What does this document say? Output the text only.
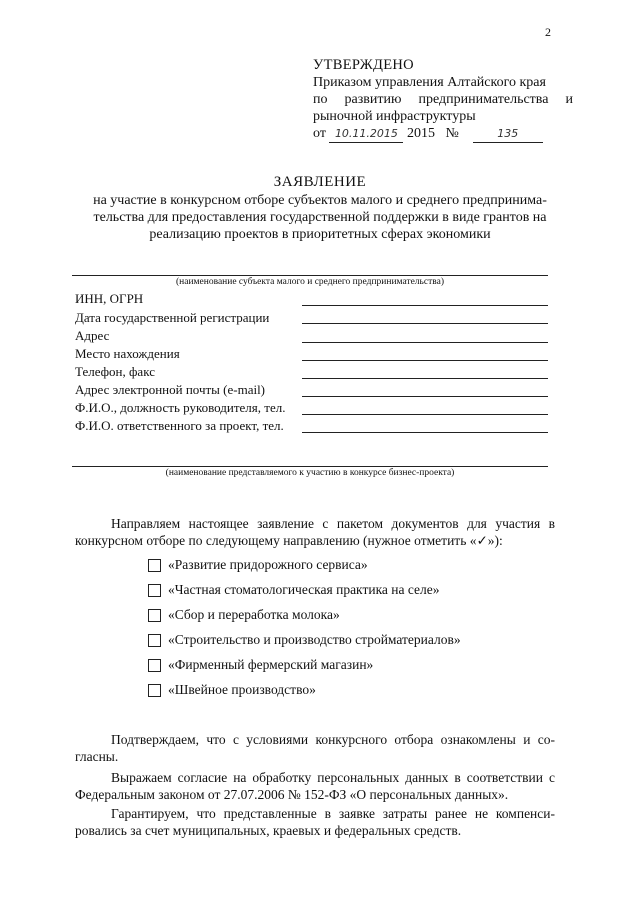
2
УТВЕРЖДЕНО
Приказом управления Алтайского края
по развитию предпринимательства и
рыночной инфраструктуры
от 10.11.2015 2015 №	135
ЗАЯВЛЕНИЕ
на участие в конкурсном отборе субъектов малого и среднего предпринима-
тельства для предоставления государственной поддержки в виде грантов на
реализацию проектов в приоритетных сферах экономики
(наименование субъекта малого и среднего предпринимательства)
ИНН, ОГРН
Дата государственной регистрации
Адрес
Место нахождения
Телефон, факс
Адрес электронной почты (e-mail)
Ф.И.О., должность руководителя, тел.
Ф.И.О. ответственного за проект, тел.
(наименование представляемого к участию в конкурсе бизнес-проекта)
Направляем настоящее заявление с пакетом документов для участия в конкурсном отборе по следующему направлению (нужное отметить «✓»):
«Развитие придорожного сервиса»
«Частная стоматологическая практика на селе»
«Сбор и переработка молока»
«Строительство и производство стройматериалов»
«Фирменный фермерский магазин»
«Швейное производство»
Подтверждаем, что с условиями конкурсного отбора ознакомлены и со-гласны.
Выражаем согласие на обработку персональных данных в соответствии с Федеральным законом от 27.07.2006 № 152-ФЗ «О персональных данных».
Гарантируем, что представленные в заявке затраты ранее не компенси-ровались за счет муниципальных, краевых и федеральных средств.
